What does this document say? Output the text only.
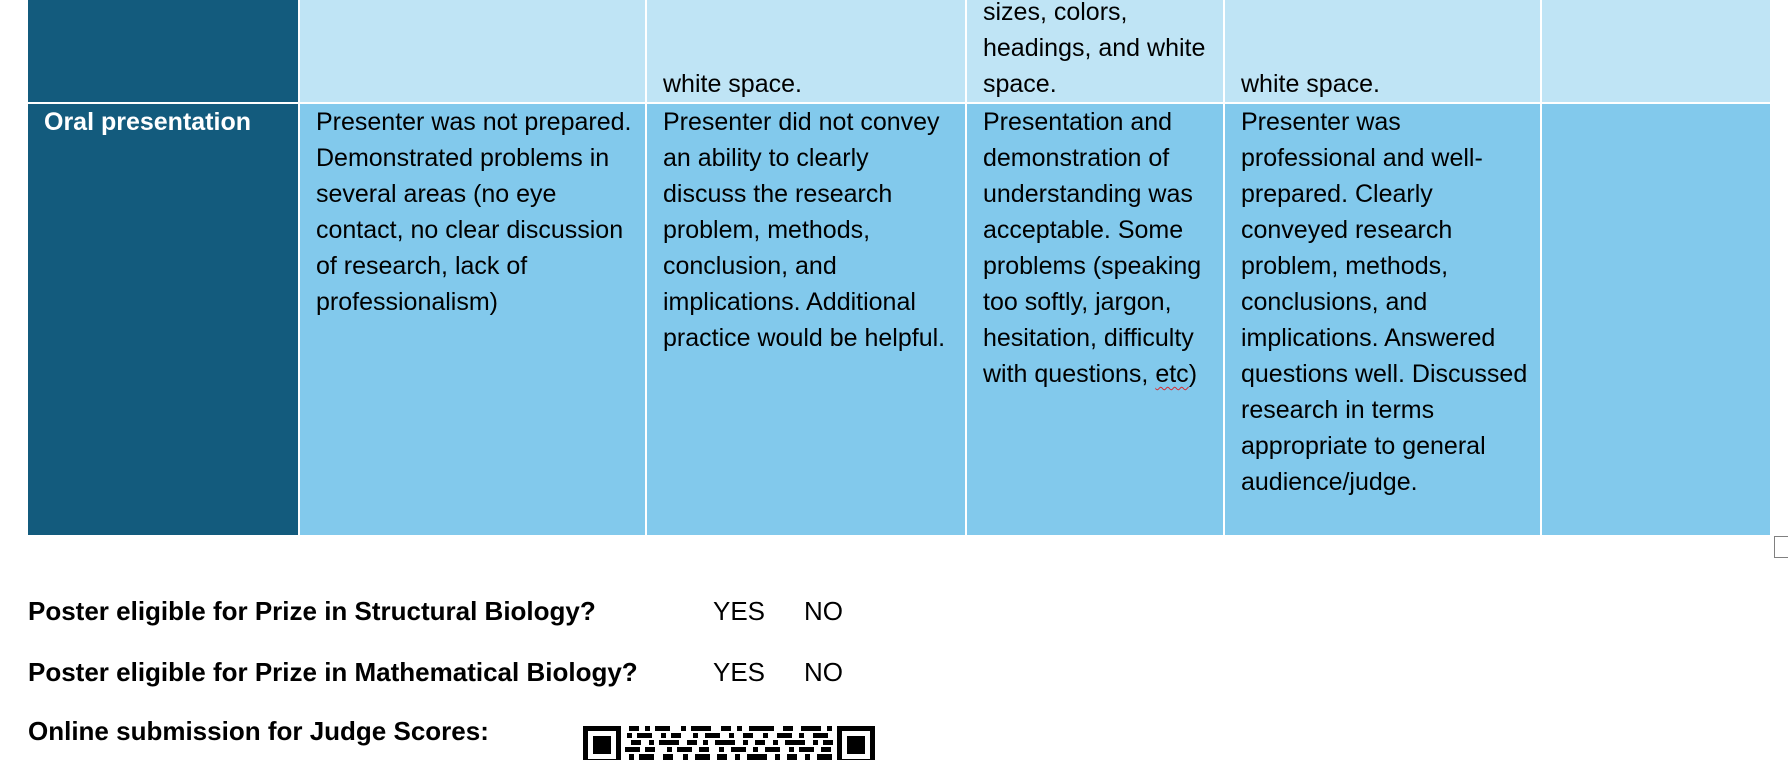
		white space.	sizes, colors, headings, and white space.	white space.	

Oral presentation	Presenter was not prepared. Demonstrated problems in several areas (no eye contact, no clear discussion of research, lack of professionalism)	Presenter did not convey an ability to clearly discuss the research problem, methods, conclusion, and implications. Additional practice would be helpful.	Presentation and demonstration of understanding was acceptable. Some problems (speaking too softly, jargon, hesitation, difficulty with questions, etc)	Presenter was professional and well-prepared. Clearly conveyed research problem, methods, conclusions, and implications. Answered questions well. Discussed research in terms appropriate to general audience/judge.	

Poster eligible for Prize in Structural Biology?	YES NO
Poster eligible for Prize in Mathematical Biology?	YES NO
Online submission for Judge Scores:
